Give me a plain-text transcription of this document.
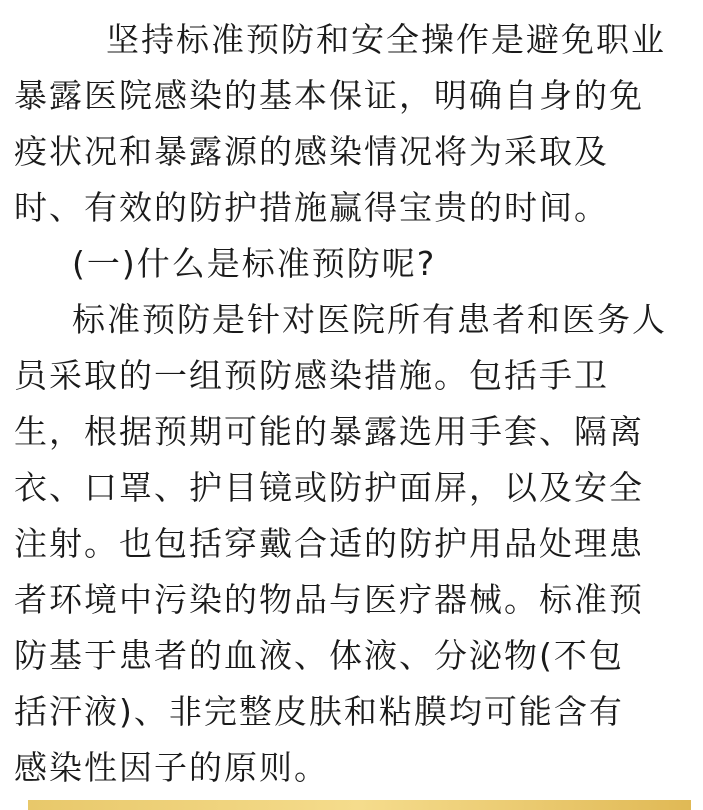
坚持标准预防和安全操作是避免职业
暴露医院感染的基本保证，明确自身的免
疫状况和暴露源的感染情况将为采取及
时、有效的防护措施赢得宝贵的时间。
(一)什么是标准预防呢?
标准预防是针对医院所有患者和医务人
员采取的一组预防感染措施。包括手卫
生，根据预期可能的暴露选用手套、隔离
衣、口罩、护目镜或防护面屏，以及安全
注射。也包括穿戴合适的防护用品处理患
者环境中污染的物品与医疗器械。标准预
防基于患者的血液、体液、分泌物(不包
括汗液)、非完整皮肤和粘膜均可能含有
感染性因子的原则。
